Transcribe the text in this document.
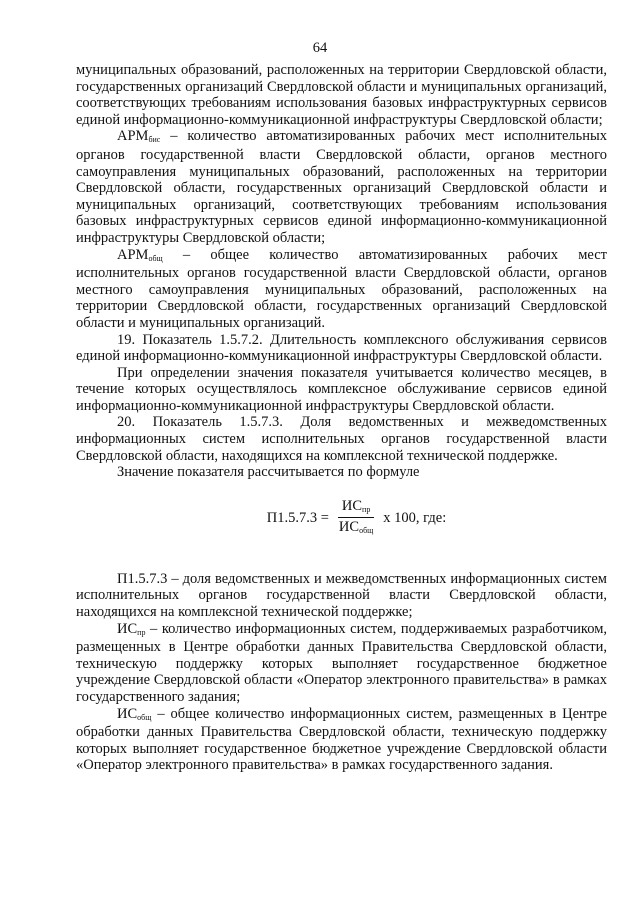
64

муниципальных образований, расположенных на территории Свердловской области, государственных организаций Свердловской области и муниципальных организаций, соответствующих требованиям использования базовых инфраструктурных сервисов единой информационно-коммуникационной инфраструктуры Свердловской области;

$АРМ_{бис}$ – количество автоматизированных рабочих мест исполнительных органов государственной власти Свердловской области, органов местного самоуправления муниципальных образований, расположенных на территории Свердловской области, государственных организаций Свердловской области и муниципальных организаций, соответствующих требованиям использования базовых инфраструктурных сервисов единой информационно-коммуникационной инфраструктуры Свердловской области;

$АРМ_{общ}$ – общее количество автоматизированных рабочих мест исполнительных органов государственной власти Свердловской области, органов местного самоуправления муниципальных образований, расположенных на территории Свердловской области, государственных организаций Свердловской области и муниципальных организаций.

19. Показатель 1.5.7.2. Длительность комплексного обслуживания сервисов единой информационно-коммуникационной инфраструктуры Свердловской области.

При определении значения показателя учитывается количество месяцев, в течение которых осуществлялось комплексное обслуживание сервисов единой информационно-коммуникационной инфраструктуры Свердловской области.

20. Показатель 1.5.7.3. Доля ведомственных и межведомственных информационных систем исполнительных органов государственной власти Свердловской области, находящихся на комплексной технической поддержке.

Значение показателя рассчитывается по формуле

$П1.5.7.3 = \frac{ИС_{пр}}{ИС_{общ}}$ x 100, где:

П1.5.7.3 – доля ведомственных и межведомственных информационных систем исполнительных органов государственной власти Свердловской области, находящихся на комплексной технической поддержке;

$ИС_{пр}$ – количество информационных систем, поддерживаемых разработчиком, размещенных в Центре обработки данных Правительства Свердловской области, техническую поддержку которых выполняет государственное бюджетное учреждение Свердловской области «Оператор электронного правительства» в рамках государственного задания;

$ИС_{общ}$ – общее количество информационных систем, размещенных в Центре обработки данных Правительства Свердловской области, техническую поддержку которых выполняет государственное бюджетное учреждение Свердловской области «Оператор электронного правительства» в рамках государственного задания.
